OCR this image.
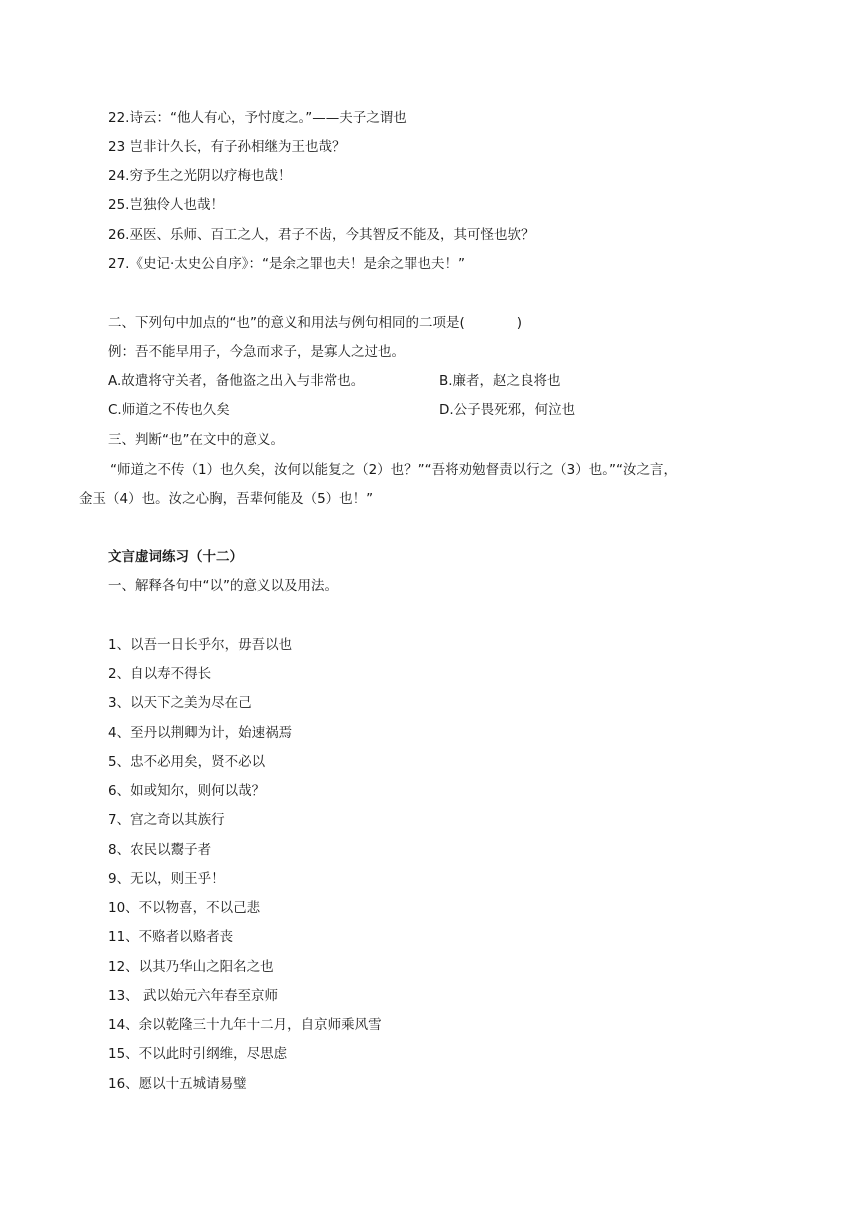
22.诗云：“他人有心，予忖度之。”——夫子之谓也
23 岂非计久长，有子孙相继为王也哉？
24.穷予生之光阴以疗梅也哉！
25.岂独伶人也哉！
26.巫医、乐师、百工之人，君子不齿，今其智反不能及，其可怪也欤？
27.《史记·太史公自序》：“是余之罪也夫！是余之罪也夫！”
二、下列句中加点的“也”的意义和用法与例句相同的二项是(	)
例：吾不能早用子，今急而求子，是寡人之过也。
A.故遣将守关者，备他盗之出入与非常也。	B.廉者，赵之良将也
C.师道之不传也久矣	D.公子畏死邪，何泣也
三、判断“也”在文中的意义。
“师道之不传（1）也久矣，汝何以能复之（2）也？”“吾将劝勉督责以行之（3）也。”“汝之言，
金玉（4）也。汝之心胸，吾辈何能及（5）也！”
文言虚词练习（十二）
一、解释各句中“以”的意义以及用法。
1、以吾一日长乎尔，毋吾以也
2、自以寿不得长
3、以天下之美为尽在己
4、至丹以荆卿为计，始速祸焉
5、忠不必用矣，贤不必以
6、如或知尔，则何以哉？
7、宫之奇以其族行
8、农民以鬻子者
9、无以，则王乎！
10、不以物喜，不以己悲
11、不赂者以赂者丧
12、以其乃华山之阳名之也
13、 武以始元六年春至京师
14、余以乾隆三十九年十二月，自京师乘风雪
15、不以此时引纲维，尽思虑
16、愿以十五城请易璧
